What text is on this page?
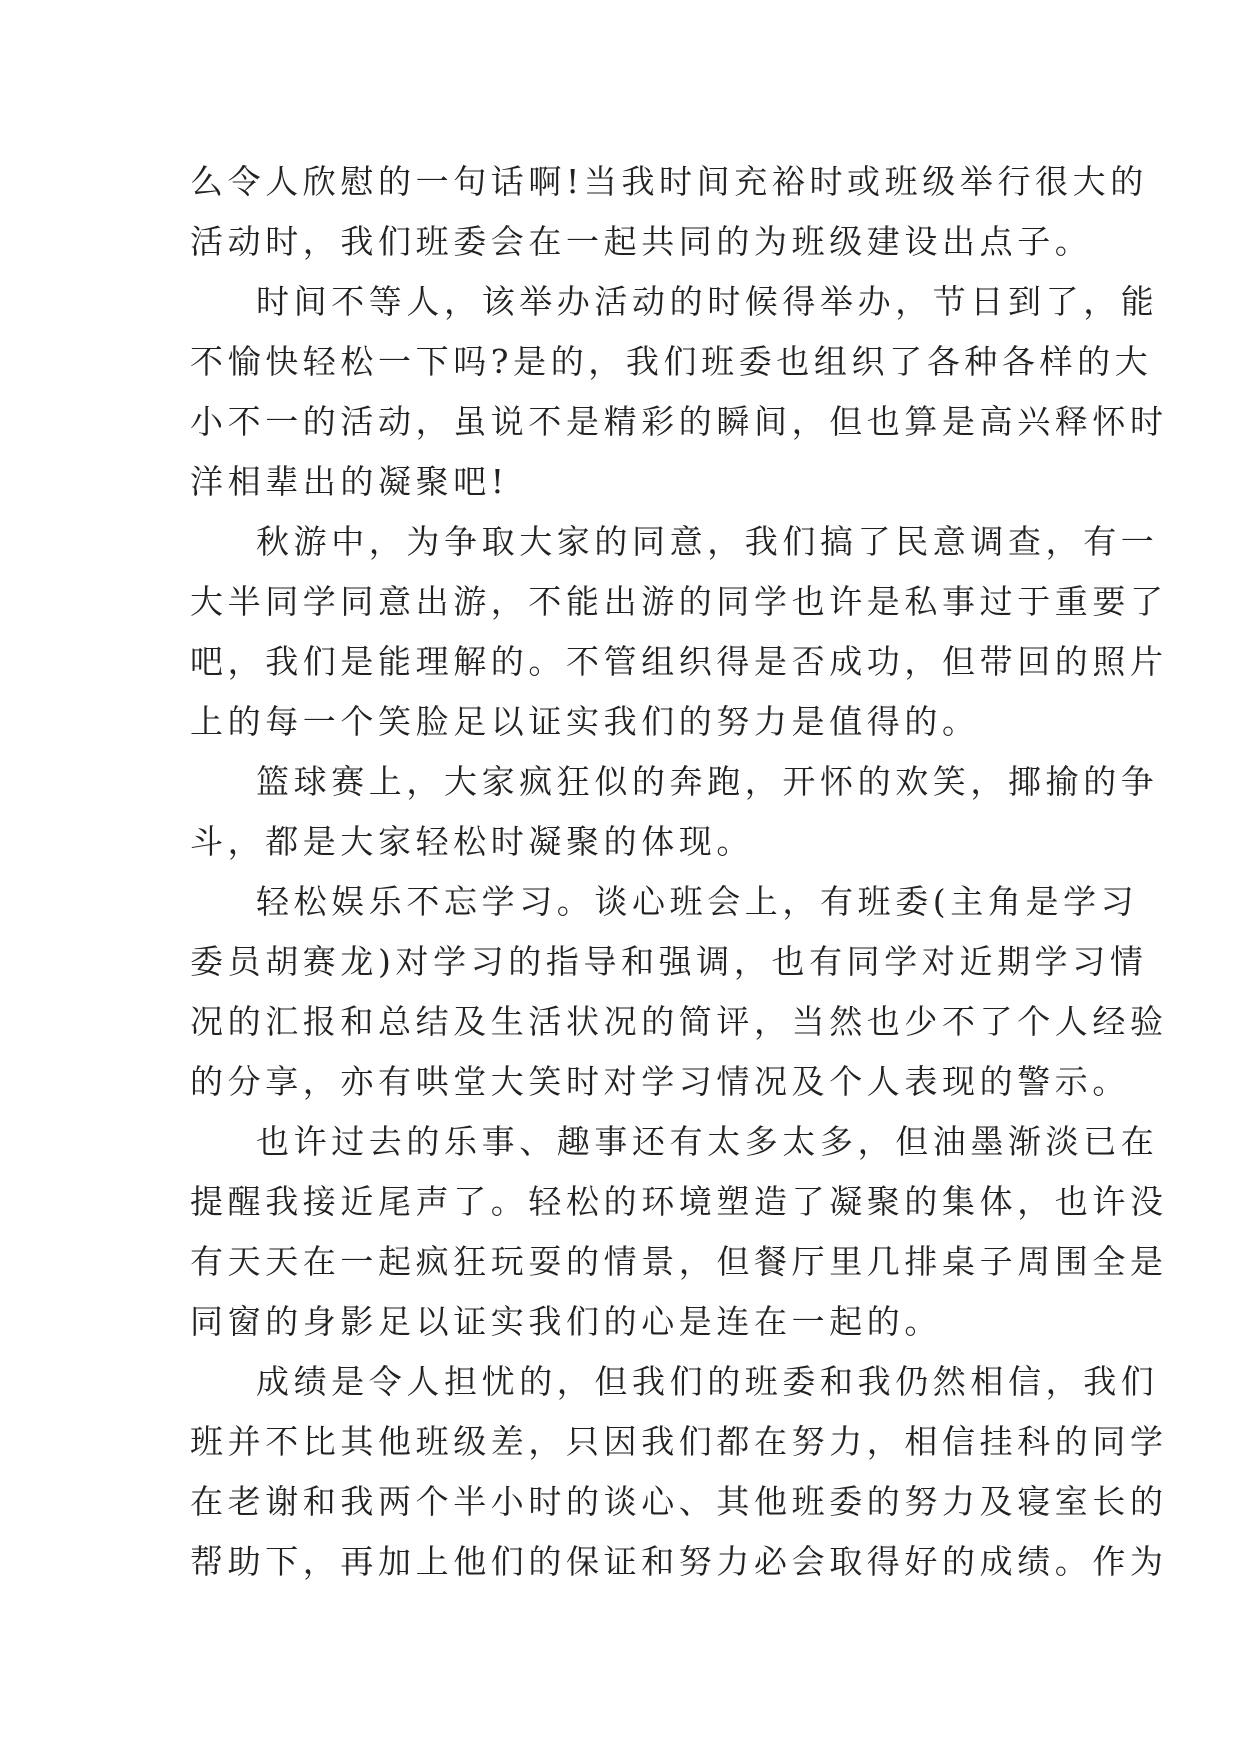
么令人欣慰的一句话啊!当我时间充裕时或班级举行很大的
活动时，我们班委会在一起共同的为班级建设出点子。
时间不等人，该举办活动的时候得举办，节日到了，能
不愉快轻松一下吗?是的，我们班委也组织了各种各样的大
小不一的活动，虽说不是精彩的瞬间，但也算是高兴释怀时
洋相辈出的凝聚吧!
秋游中，为争取大家的同意，我们搞了民意调查，有一
大半同学同意出游，不能出游的同学也许是私事过于重要了
吧，我们是能理解的。不管组织得是否成功，但带回的照片
上的每一个笑脸足以证实我们的努力是值得的。
篮球赛上，大家疯狂似的奔跑，开怀的欢笑，揶揄的争
斗，都是大家轻松时凝聚的体现。
轻松娱乐不忘学习。谈心班会上，有班委(主角是学习
委员胡赛龙)对学习的指导和强调，也有同学对近期学习情
况的汇报和总结及生活状况的简评，当然也少不了个人经验
的分享，亦有哄堂大笑时对学习情况及个人表现的警示。
也许过去的乐事、趣事还有太多太多，但油墨渐淡已在
提醒我接近尾声了。轻松的环境塑造了凝聚的集体，也许没
有天天在一起疯狂玩耍的情景，但餐厅里几排桌子周围全是
同窗的身影足以证实我们的心是连在一起的。
成绩是令人担忧的，但我们的班委和我仍然相信，我们
班并不比其他班级差，只因我们都在努力，相信挂科的同学
在老谢和我两个半小时的谈心、其他班委的努力及寝室长的
帮助下，再加上他们的保证和努力必会取得好的成绩。作为
